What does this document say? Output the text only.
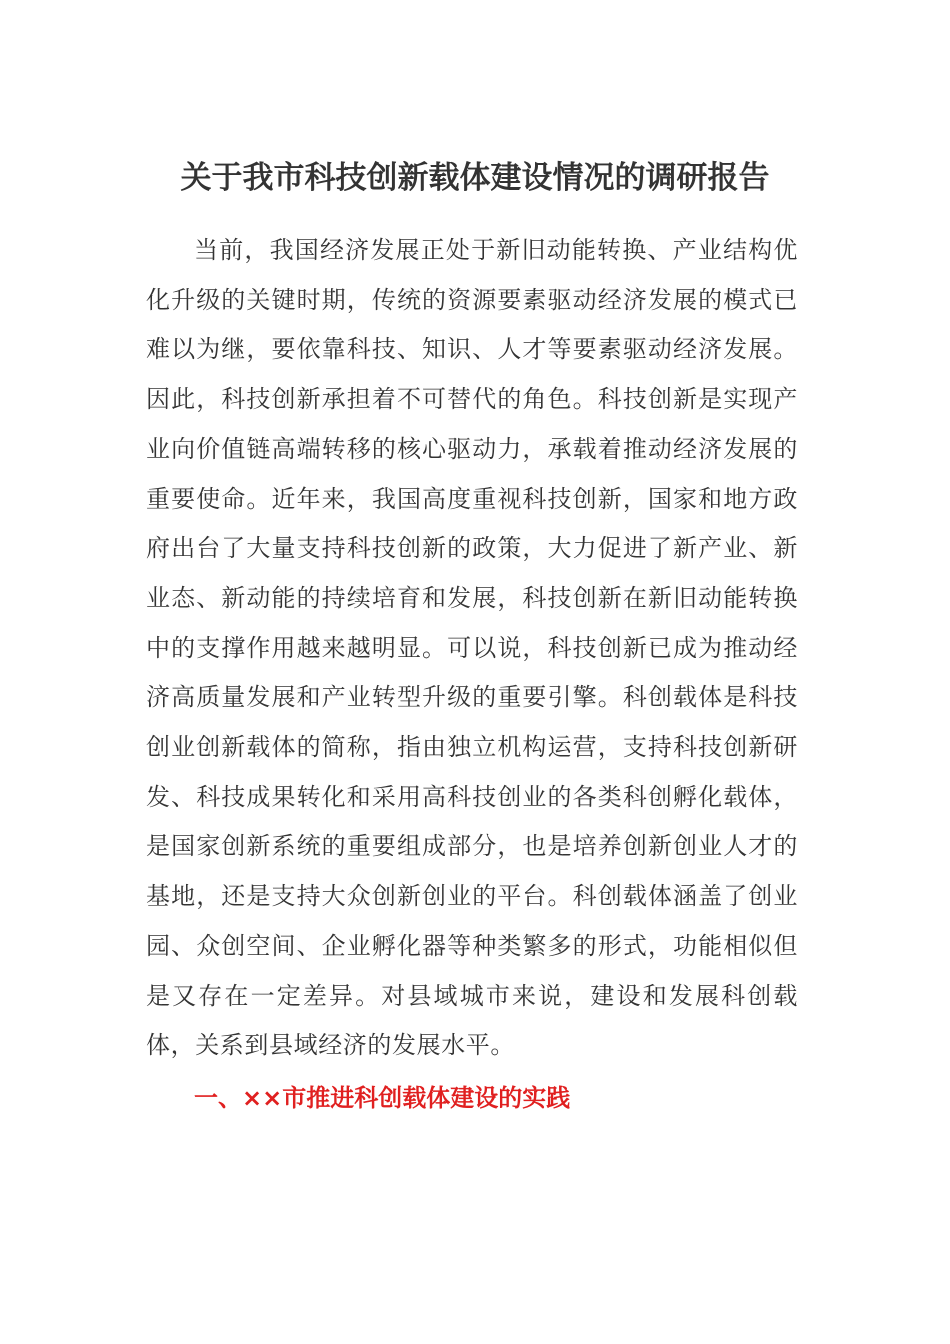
关于我市科技创新载体建设情况的调研报告

当前，我国经济发展正处于新旧动能转换、产业结构优化升级的关键时期，传统的资源要素驱动经济发展的模式已难以为继，要依靠科技、知识、人才等要素驱动经济发展。因此，科技创新承担着不可替代的角色。科技创新是实现产业向价值链高端转移的核心驱动力，承载着推动经济发展的重要使命。近年来，我国高度重视科技创新，国家和地方政府出台了大量支持科技创新的政策，大力促进了新产业、新业态、新动能的持续培育和发展，科技创新在新旧动能转换中的支撑作用越来越明显。可以说，科技创新已成为推动经济高质量发展和产业转型升级的重要引擎。科创载体是科技创业创新载体的简称，指由独立机构运营，支持科技创新研发、科技成果转化和采用高科技创业的各类科创孵化载体，是国家创新系统的重要组成部分，也是培养创新创业人才的基地，还是支持大众创新创业的平台。科创载体涵盖了创业园、众创空间、企业孵化器等种类繁多的形式，功能相似但是又存在一定差异。对县域城市来说，建设和发展科创载体，关系到县域经济的发展水平。

一、××市推进科创载体建设的实践
